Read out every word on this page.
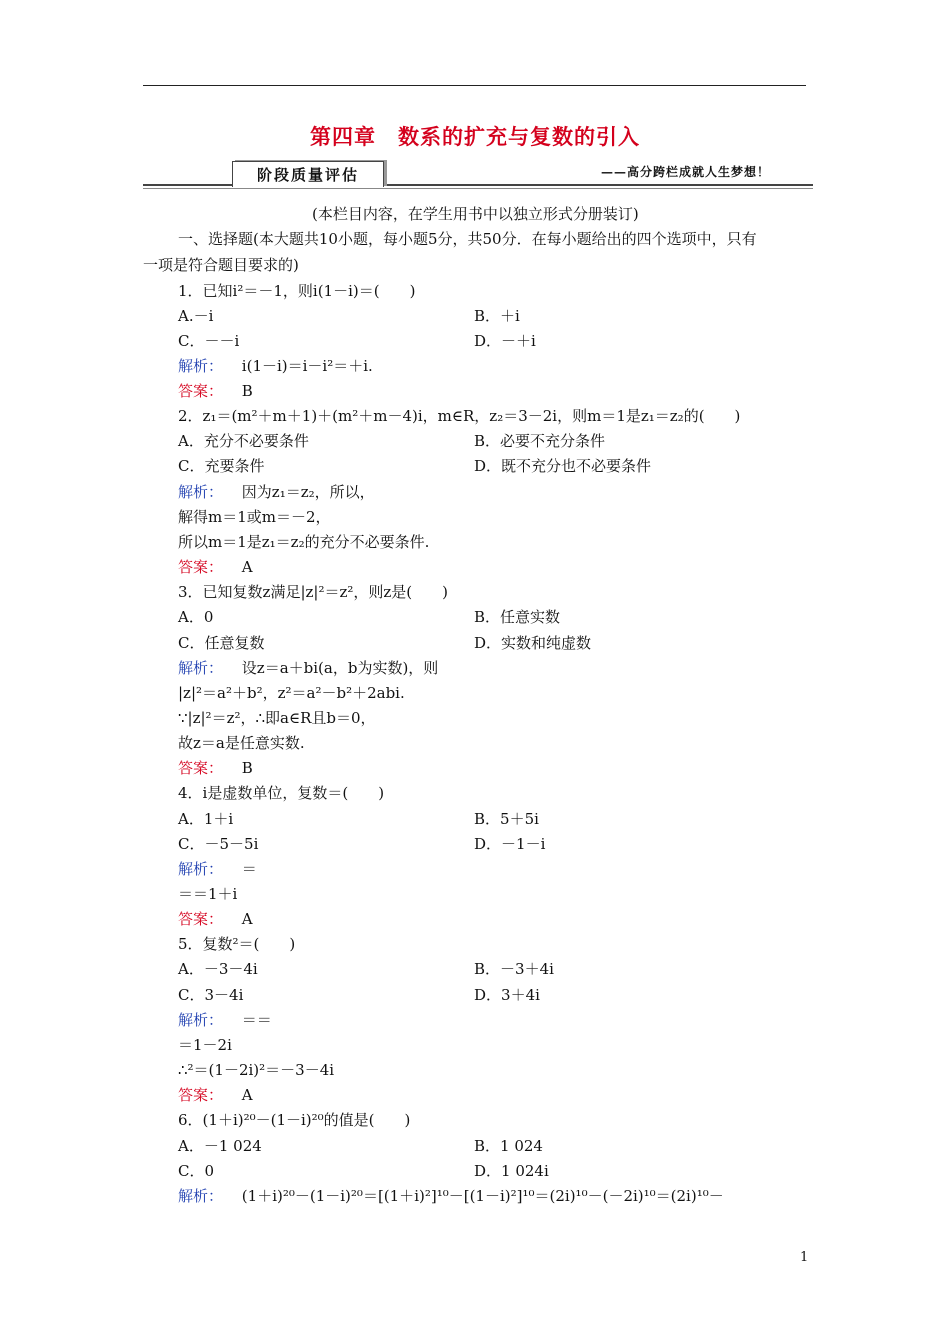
第四章　数系的扩充与复数的引入
阶段质量评估	——高分跨栏成就人生梦想！
(本栏目内容，在学生用书中以独立形式分册装订)
一、选择题(本大题共10小题，每小题5分，共50分．在每小题给出的四个选项中，只有
一项是符合题目要求的)
1．已知i²＝－1，则i(1－i)＝(　　)
A.－i	B．＋i
C．－－i	D．－＋i
解析： i(1－i)＝i－i²＝＋i.
答案： B
2．z₁＝(m²＋m＋1)＋(m²＋m－4)i，m∈R，z₂＝3－2i，则m＝1是z₁＝z₂的(　　)
A．充分不必要条件	B．必要不充分条件
C．充要条件	D．既不充分也不必要条件
解析： 因为z₁＝z₂，所以，
解得m＝1或m＝－2，
所以m＝1是z₁＝z₂的充分不必要条件.
答案： A
3．已知复数z满足|z|²＝z²，则z是(　　)
A．0	B．任意实数
C．任意复数	D．实数和纯虚数
解析： 设z＝a＋bi(a，b为实数)，则
|z|²＝a²＋b²，z²＝a²－b²＋2abi.
∵|z|²＝z²，∴即a∈R且b＝0，
故z＝a是任意实数.
答案： B
4．i是虚数单位，复数＝(　　)
A．1＋i	B．5＋5i
C．－5－5i	D．－1－i
解析： ＝
＝＝1＋i
答案： A
5．复数²＝(　　)
A．－3－4i	B．－3＋4i
C．3－4i	D．3＋4i
解析： ＝＝
＝1－2i
∴²＝(1－2i)²＝－3－4i
答案： A
6．(1＋i)²⁰－(1－i)²⁰的值是(　　)
A．－1 024	B．1 024
C．0	D．1 024i
解析： (1＋i)²⁰－(1－i)²⁰＝[(1＋i)²]¹⁰－[(1－i)²]¹⁰＝(2i)¹⁰－(－2i)¹⁰＝(2i)¹⁰－
1
